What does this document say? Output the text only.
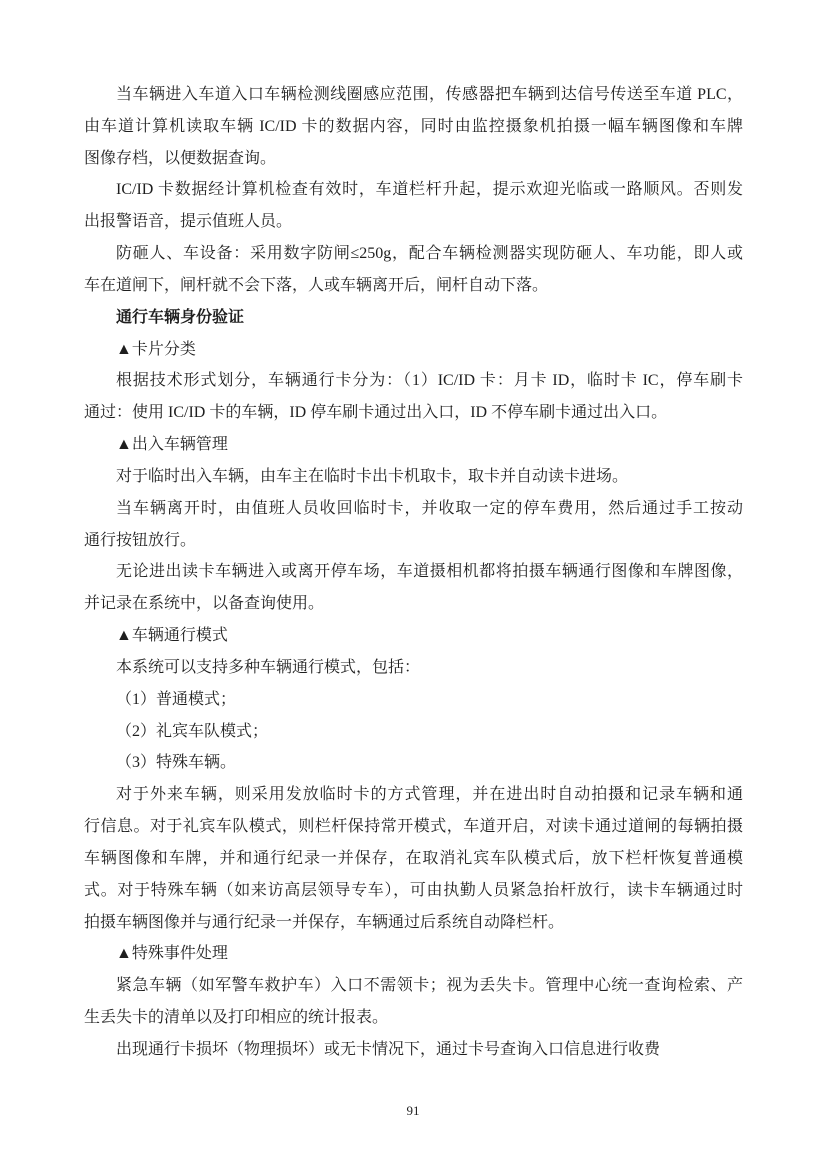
当车辆进入车道入口车辆检测线圈感应范围，传感器把车辆到达信号传送至车道 PLC，
由车道计算机读取车辆 IC/ID 卡的数据内容，同时由监控摄象机拍摄一幅车辆图像和车牌
图像存档，以便数据查询。
IC/ID 卡数据经计算机检查有效时，车道栏杆升起，提示欢迎光临或一路顺风。否则发
出报警语音，提示值班人员。
防砸人、车设备：采用数字防闸≤250g，配合车辆检测器实现防砸人、车功能，即人或
车在道闸下，闸杆就不会下落，人或车辆离开后，闸杆自动下落。
通行车辆身份验证
▲卡片分类
根据技术形式划分，车辆通行卡分为：（1）IC/ID 卡：月卡 ID，临时卡 IC，停车刷卡
通过：使用 IC/ID 卡的车辆，ID 停车刷卡通过出入口，ID 不停车刷卡通过出入口。
▲出入车辆管理
对于临时出入车辆，由车主在临时卡出卡机取卡，取卡并自动读卡进场。
当车辆离开时，由值班人员收回临时卡，并收取一定的停车费用，然后通过手工按动
通行按钮放行。
无论进出读卡车辆进入或离开停车场，车道摄相机都将拍摄车辆通行图像和车牌图像，
并记录在系统中，以备查询使用。
▲车辆通行模式
本系统可以支持多种车辆通行模式，包括：
（1）普通模式；
（2）礼宾车队模式；
（3）特殊车辆。
对于外来车辆，则采用发放临时卡的方式管理，并在进出时自动拍摄和记录车辆和通
行信息。对于礼宾车队模式，则栏杆保持常开模式，车道开启，对读卡通过道闸的每辆拍摄
车辆图像和车牌，并和通行纪录一并保存，在取消礼宾车队模式后，放下栏杆恢复普通模
式。对于特殊车辆（如来访高层领导专车），可由执勤人员紧急抬杆放行，读卡车辆通过时
拍摄车辆图像并与通行纪录一并保存，车辆通过后系统自动降栏杆。
▲特殊事件处理
紧急车辆（如军警车救护车）入口不需领卡；视为丢失卡。管理中心统一查询检索、产
生丢失卡的清单以及打印相应的统计报表。
出现通行卡损坏（物理损坏）或无卡情况下，通过卡号查询入口信息进行收费
91
